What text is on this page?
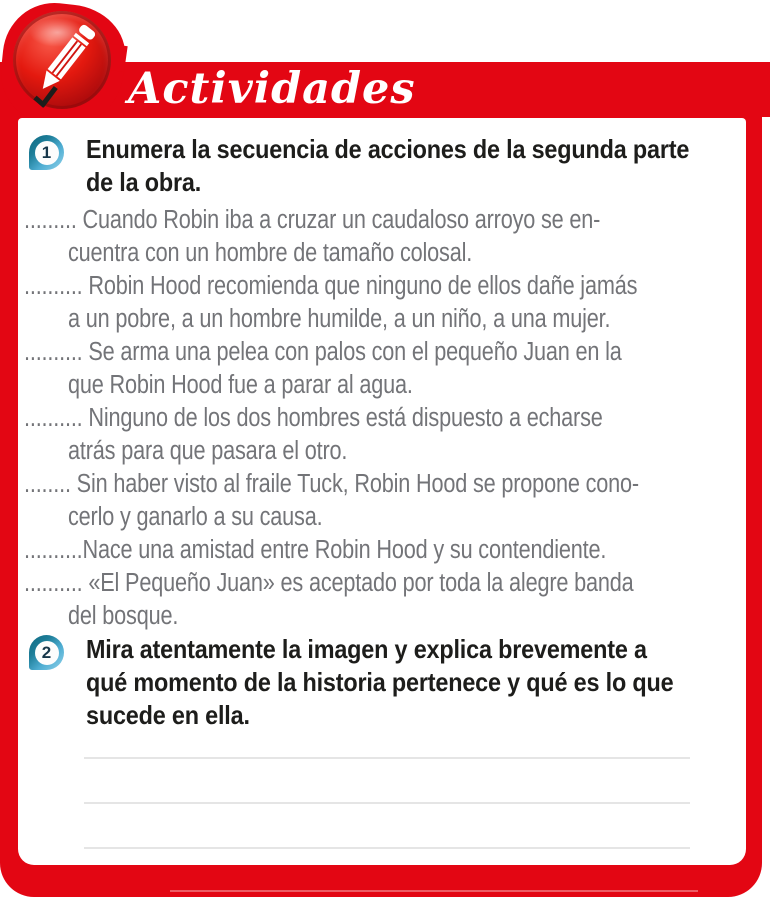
Actividades
1 Enumera la secuencia de acciones de la segunda parte
de la obra.
......... Cuando Robin iba a cruzar un caudaloso arroyo se en-
cuentra con un hombre de tamaño colosal.
.......... Robin Hood recomienda que ninguno de ellos dañe jamás
a un pobre, a un hombre humilde, a un niño, a una mujer.
.......... Se arma una pelea con palos con el pequeño Juan en la
que Robin Hood fue a parar al agua.
.......... Ninguno de los dos hombres está dispuesto a echarse
atrás para que pasara el otro.
........ Sin haber visto al fraile Tuck, Robin Hood se propone cono-
cerlo y ganarlo a su causa.
..........Nace una amistad entre Robin Hood y su contendiente.
.......... «El Pequeño Juan» es aceptado por toda la alegre banda
del bosque.
2 Mira atentamente la imagen y explica brevemente a
qué momento de la historia pertenece y qué es lo que
sucede en ella.
